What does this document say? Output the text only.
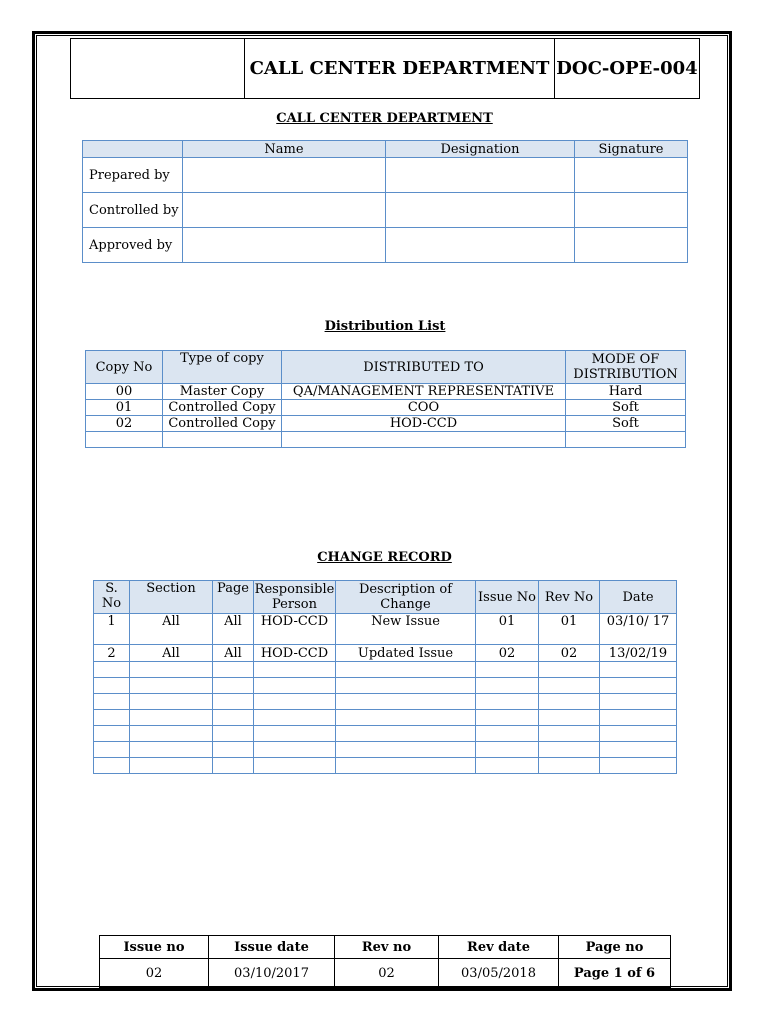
	CALL CENTER DEPARTMENT	DOC-OPE-004
CALL CENTER DEPARTMENT
	Name	Designation	Signature
Prepared by			
Controlled by			
Approved by			
Distribution List
Copy No	Type of copy	DISTRIBUTED TO	MODE OF DISTRIBUTION
00	Master Copy	QA/MANAGEMENT REPRESENTATIVE	Hard
01	Controlled Copy	COO	Soft
02	Controlled Copy	HOD-CCD	Soft

CHANGE RECORD
S. No	Section	Page	Responsible Person	Description of Change	Issue No	Rev No	Date
1	All	All	HOD-CCD	New Issue	01	01	03/10/ 17
2	All	All	HOD-CCD	Updated Issue	02	02	13/02/19

Issue no	Issue date	Rev no	Rev date	Page no
02	03/10/2017	02	03/05/2018	Page 1 of 6
